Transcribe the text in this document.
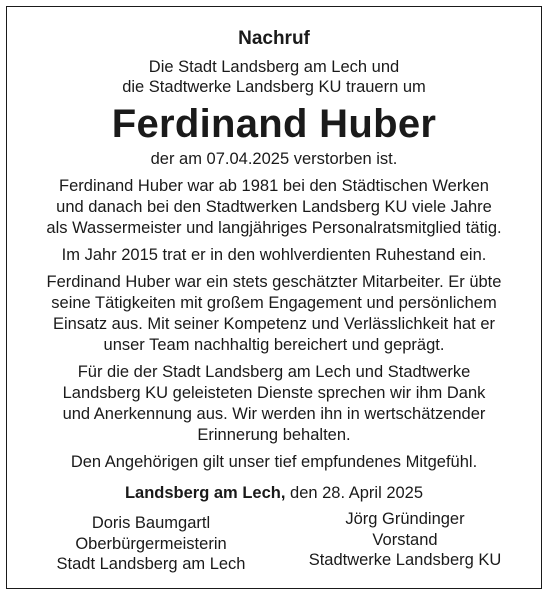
Nachruf
Die Stadt Landsberg am Lech und
die Stadtwerke Landsberg KU trauern um
Ferdinand Huber
der am 07.04.2025 verstorben ist.
Ferdinand Huber war ab 1981 bei den Städtischen Werken
und danach bei den Stadtwerken Landsberg KU viele Jahre
als Wassermeister und langjähriges Personalratsmitglied tätig.
Im Jahr 2015 trat er in den wohlverdienten Ruhestand ein.
Ferdinand Huber war ein stets geschätzter Mitarbeiter. Er übte
seine Tätigkeiten mit großem Engagement und persönlichem
Einsatz aus. Mit seiner Kompetenz und Verlässlichkeit hat er
unser Team nachhaltig bereichert und geprägt.
Für die der Stadt Landsberg am Lech und Stadtwerke
Landsberg KU geleisteten Dienste sprechen wir ihm Dank
und Anerkennung aus. Wir werden ihn in wertschätzender
Erinnerung behalten.
Den Angehörigen gilt unser tief empfundenes Mitgefühl.
Landsberg am Lech, den 28. April 2025
Doris Baumgartl
Oberbürgermeisterin
Stadt Landsberg am Lech
Jörg Gründinger
Vorstand
Stadtwerke Landsberg KU
